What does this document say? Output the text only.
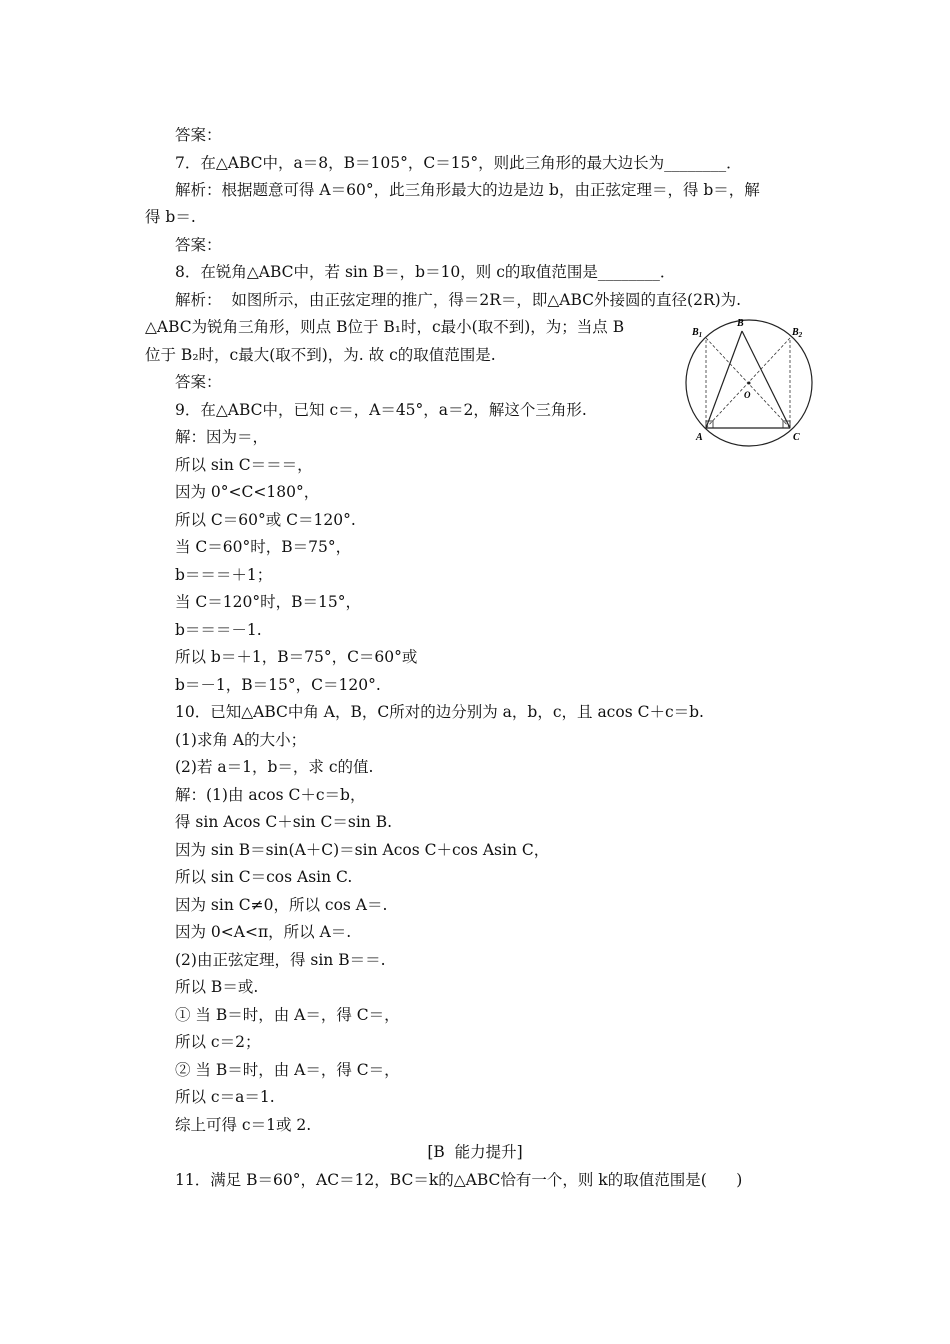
答案：
7．在△ABC中，a＝8，B＝105°，C＝15°，则此三角形的最大边长为________．
解析：根据题意可得 A＝60°，此三角形最大的边是边 b，由正弦定理＝，得 b＝，解
得 b＝.
答案：
8．在锐角△ABC中，若 sin B＝，b＝10，则 c的取值范围是________．
解析：  如图所示，由正弦定理的推广，得＝2R＝，即△ABC外接圆的直径(2R)为.
△ABC为锐角三角形，则点 B位于 B₁时，c最小(取不到)，为；当点 B
位于 B₂时，c最大(取不到)，为. 故 c的取值范围是.
答案：
9．在△ABC中，已知 c＝，A＝45°，a＝2，解这个三角形.
解：因为＝，
所以 sin C＝＝＝，
因为 0°<C<180°，
所以 C＝60°或 C＝120°.
当 C＝60°时，B＝75°，
b＝＝＝＋1；
当 C＝120°时，B＝15°，
b＝＝＝－1.
所以 b＝＋1，B＝75°，C＝60°或
b＝－1，B＝15°，C＝120°.
10．已知△ABC中角 A，B，C所对的边分别为 a，b，c，且 acos C＋c＝b.
(1)求角 A的大小；
(2)若 a＝1，b＝，求 c的值.
解：(1)由 acos C＋c＝b，
得 sin Acos C＋sin C＝sin B.
因为 sin B＝sin(A＋C)＝sin Acos C＋cos Asin C，
所以 sin C＝cos Asin C.
因为 sin C≠0，所以 cos A＝.
因为 0<A<π，所以 A＝.
(2)由正弦定理，得 sin B＝＝.
所以 B＝或.
① 当 B＝时，由 A＝，得 C＝，
所以 c＝2；
② 当 B＝时，由 A＝，得 C＝，
所以 c＝a＝1.
综上可得 c＝1或 2.
[B  能力提升]
11．满足 B＝60°，AC＝12，BC＝k的△ABC恰有一个，则 k的取值范围是(      )
B
$B_1$	$B_2$
O
A	C
